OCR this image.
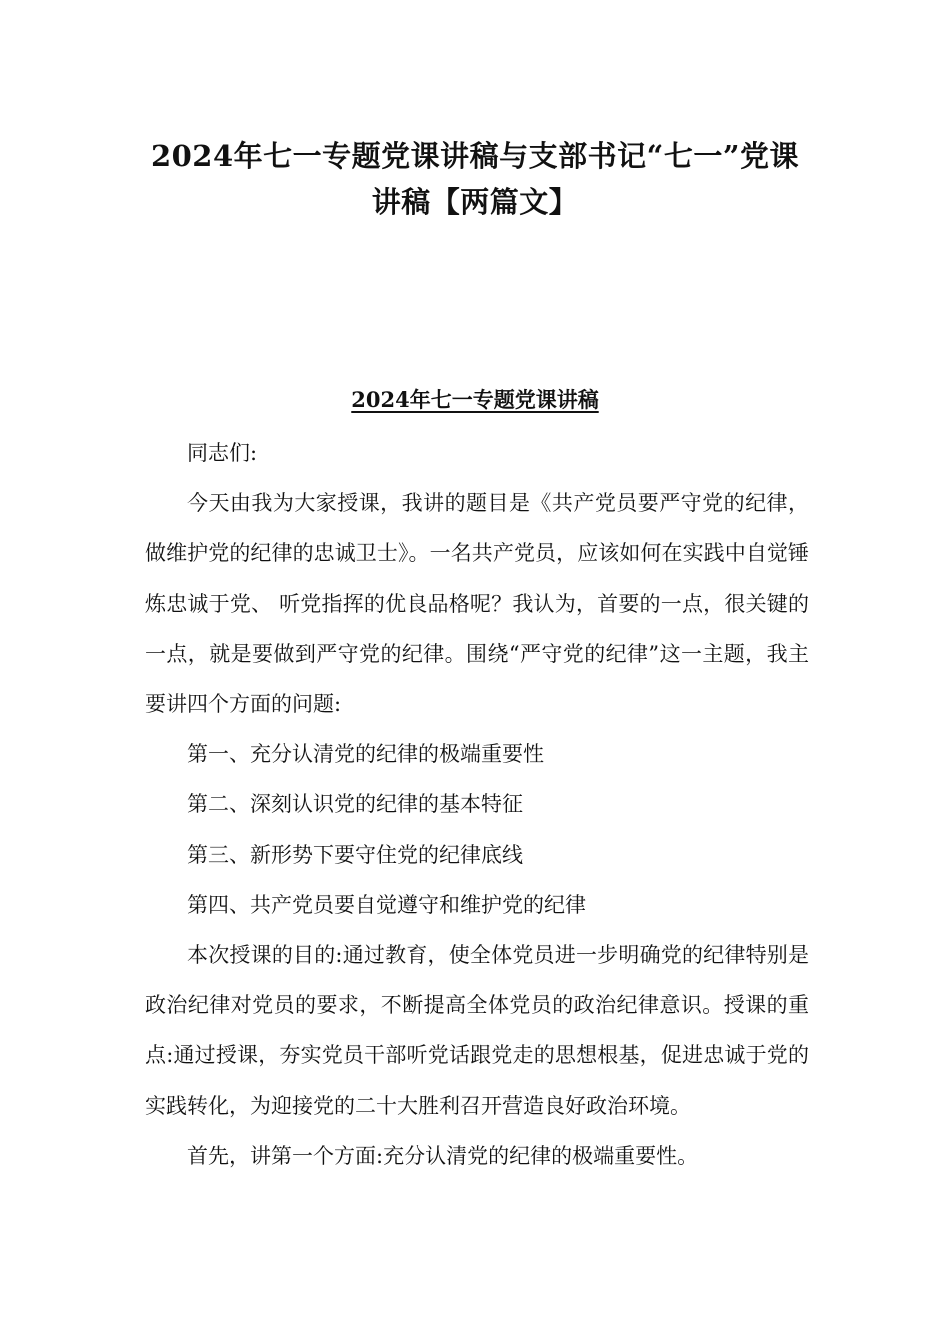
2024年七一专题党课讲稿与支部书记“七一”党课
讲稿【两篇文】
2024年七一专题党课讲稿

同志们:

今天由我为大家授课，我讲的题目是《共产党员要严守党的纪律，做维护党的纪律的忠诚卫士》。一名共产党员，应该如何在实践中自觉锤炼忠诚于党、 听党指挥的优良品格呢？我认为，首要的一点，很关键的一点，就是要做到严守党的纪律。围绕“严守党的纪律”这一主题，我主要讲四个方面的问题:

第一、充分认清党的纪律的极端重要性

第二、深刻认识党的纪律的基本特征

第三、新形势下要守住党的纪律底线

第四、共产党员要自觉遵守和维护党的纪律

本次授课的目的:通过教育，使全体党员进一步明确党的纪律特别是政治纪律对党员的要求，不断提高全体党员的政治纪律意识。授课的重点:通过授课，夯实党员干部听党话跟党走的思想根基，促进忠诚于党的实践转化，为迎接党的二十大胜利召开营造良好政治环境。

首先，讲第一个方面:充分认清党的纪律的极端重要性。
